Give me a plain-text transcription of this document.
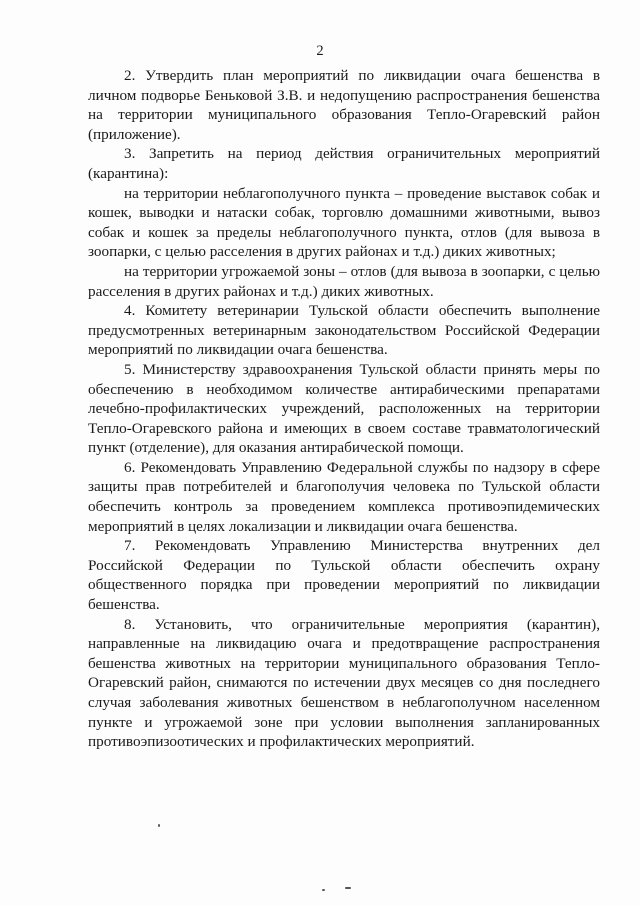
2

2. Утвердить план мероприятий по ликвидации очага бешенства в личном подворье Беньковой З.В. и недопущению распространения бешенства на территории муниципального образования Тепло-Огаревский район (приложение).

3. Запретить на период действия ограничительных мероприятий (карантина):

на территории неблагополучного пункта – проведение выставок собак и кошек, выводки и натаски собак, торговлю домашними животными, вывоз собак и кошек за пределы неблагополучного пункта, отлов (для вывоза в зоопарки, с целью расселения в других районах и т.д.) диких животных;

на территории угрожаемой зоны – отлов (для вывоза в зоопарки, с целью расселения в других районах и т.д.) диких животных.

4. Комитету ветеринарии Тульской области обеспечить выполнение предусмотренных ветеринарным законодательством Российской Федерации мероприятий по ликвидации очага бешенства.

5. Министерству здравоохранения Тульской области принять меры по обеспечению в необходимом количестве антирабическими препаратами лечебно-профилактических учреждений, расположенных на территории Тепло-Огаревского района и имеющих в своем составе травматологический пункт (отделение), для оказания антирабической помощи.

6. Рекомендовать Управлению Федеральной службы по надзору в сфере защиты прав потребителей и благополучия человека по Тульской области обеспечить контроль за проведением комплекса противоэпидемических мероприятий в целях локализации и ликвидации очага бешенства.

7. Рекомендовать Управлению Министерства внутренних дел Российской Федерации по Тульской области обеспечить охрану общественного порядка при проведении мероприятий по ликвидации бешенства.

8. Установить, что ограничительные мероприятия (карантин), направленные на ликвидацию очага и предотвращение распространения бешенства животных на территории муниципального образования Тепло-Огаревский район, снимаются по истечении двух месяцев со дня последнего случая заболевания животных бешенством в неблагополучном населенном пункте и угрожаемой зоне при условии выполнения запланированных противоэпизоотических и профилактических мероприятий.
